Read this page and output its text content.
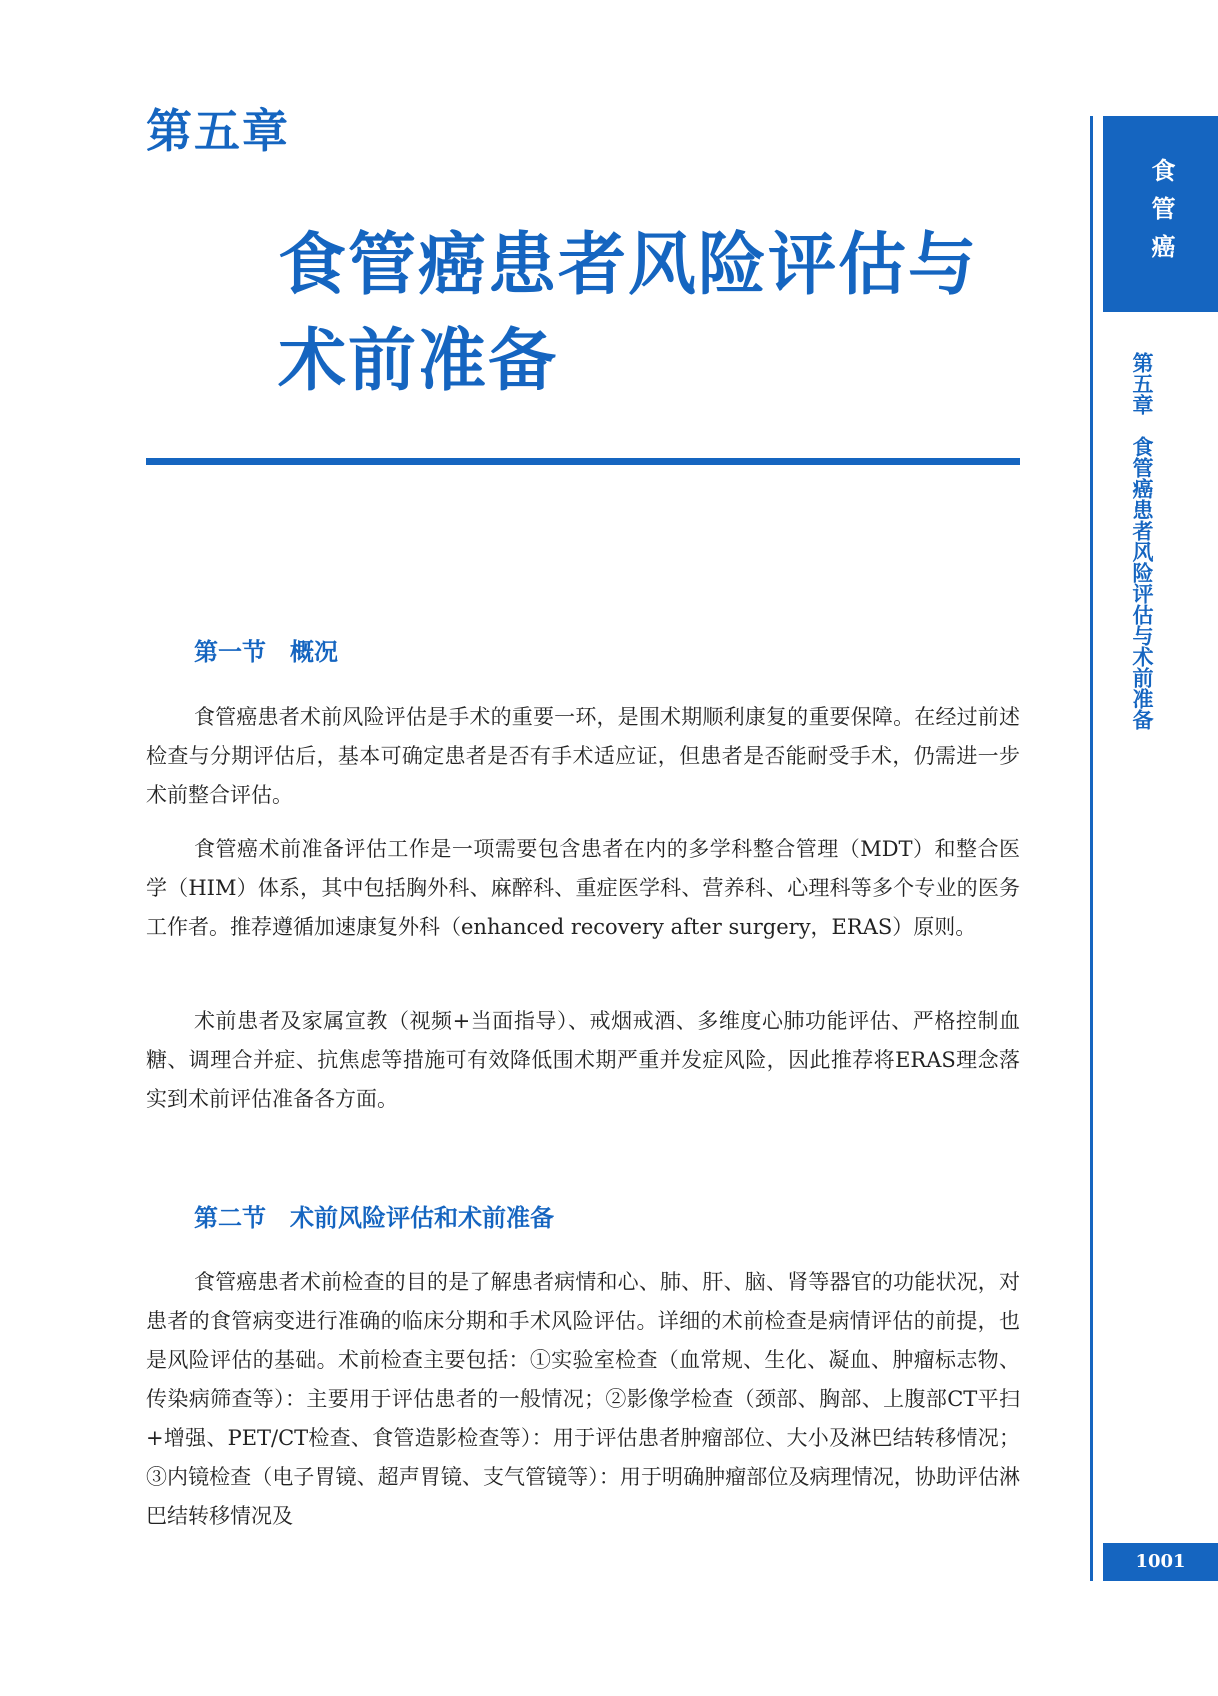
第五章
食管癌患者风险评估与
术前准备
第一节　概况

食管癌患者术前风险评估是手术的重要一环，是围术期顺利康复的重要保障。在经过前述检查与分期评估后，基本可确定患者是否有手术适应证，但患者是否能耐受手术，仍需进一步术前整合评估。

食管癌术前准备评估工作是一项需要包含患者在内的多学科整合管理（MDT）和整合医学（HIM）体系，其中包括胸外科、麻醉科、重症医学科、营养科、心理科等多个专业的医务工作者。推荐遵循加速康复外科（enhanced recovery after surgery，ERAS）原则。

术前患者及家属宣教（视频+当面指导）、戒烟戒酒、多维度心肺功能评估、严格控制血糖、调理合并症、抗焦虑等措施可有效降低围术期严重并发症风险，因此推荐将ERAS理念落实到术前评估准备各方面。

第二节　术前风险评估和术前准备

食管癌患者术前检查的目的是了解患者病情和心、肺、肝、脑、肾等器官的功能状况，对患者的食管病变进行准确的临床分期和手术风险评估。详细的术前检查是病情评估的前提，也是风险评估的基础。术前检查主要包括：①实验室检查（血常规、生化、凝血、肿瘤标志物、传染病筛查等）：主要用于评估患者的一般情况；②影像学检查（颈部、胸部、上腹部CT平扫+增强、PET/CT检查、食管造影检查等）：用于评估患者肿瘤部位、大小及淋巴结转移情况；③内镜检查（电子胃镜、超声胃镜、支气管镜等）：用于明确肿瘤部位及病理情况，协助评估淋巴结转移情况及

食管癌
第五章　食管癌患者风险评估与术前准备
1001
